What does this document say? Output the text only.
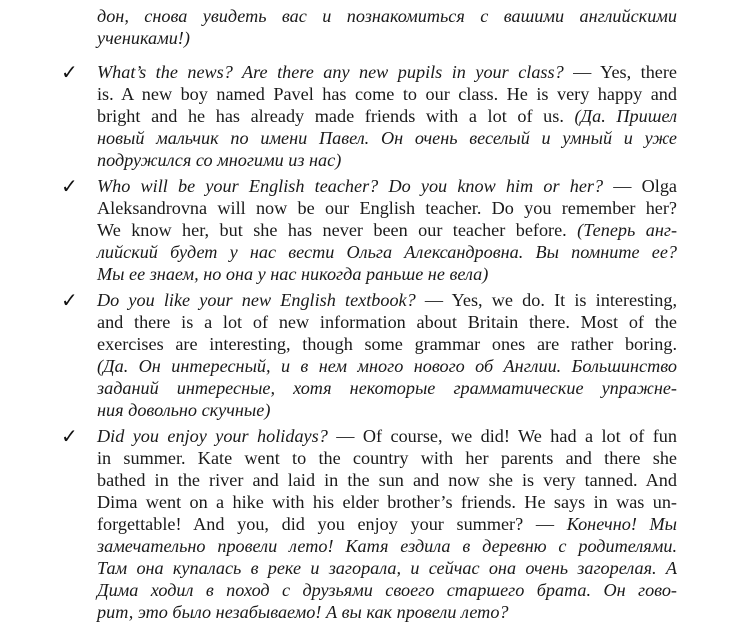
дон, снова увидеть вас и познакомиться с вашими английскими
учениками!)
✓ What’s the news? Are there any new pupils in your class? — Yes, there
is. A new boy named Pavel has come to our class. He is very happy and
bright and he has already made friends with a lot of us. (Да. Пришел
новый мальчик по имени Павел. Он очень веселый и умный и уже
подружился со многими из нас)
✓ Who will be your English teacher? Do you know him or her? — Olga
Aleksandrovna will now be our English teacher. Do you remember her?
We know her, but she has never been our teacher before. (Теперь анг-
лийский будет у нас вести Ольга Александровна. Вы помните ее?
Мы ее знаем, но она у нас никогда раньше не вела)
✓ Do you like your new English textbook? — Yes, we do. It is interesting,
and there is a lot of new information about Britain there. Most of the
exercises are interesting, though some grammar ones are rather boring.
(Да. Он интересный, и в нем много нового об Англии. Большинство
заданий интересные, хотя некоторые грамматические упражне-
ния довольно скучные)
✓ Did you enjoy your holidays? — Of course, we did! We had a lot of fun
in summer. Kate went to the country with her parents and there she
bathed in the river and laid in the sun and now she is very tanned. And
Dima went on a hike with his elder brother’s friends. He says in was un-
forgettable! And you, did you enjoy your summer? — Конечно! Мы
замечательно провели лето! Катя ездила в деревню с родителями.
Там она купалась в реке и загорала, и сейчас она очень загорелая. А
Дима ходил в поход с друзьями своего старшего брата. Он гово-
рит, это было незабываемо! А вы как провели лето?
